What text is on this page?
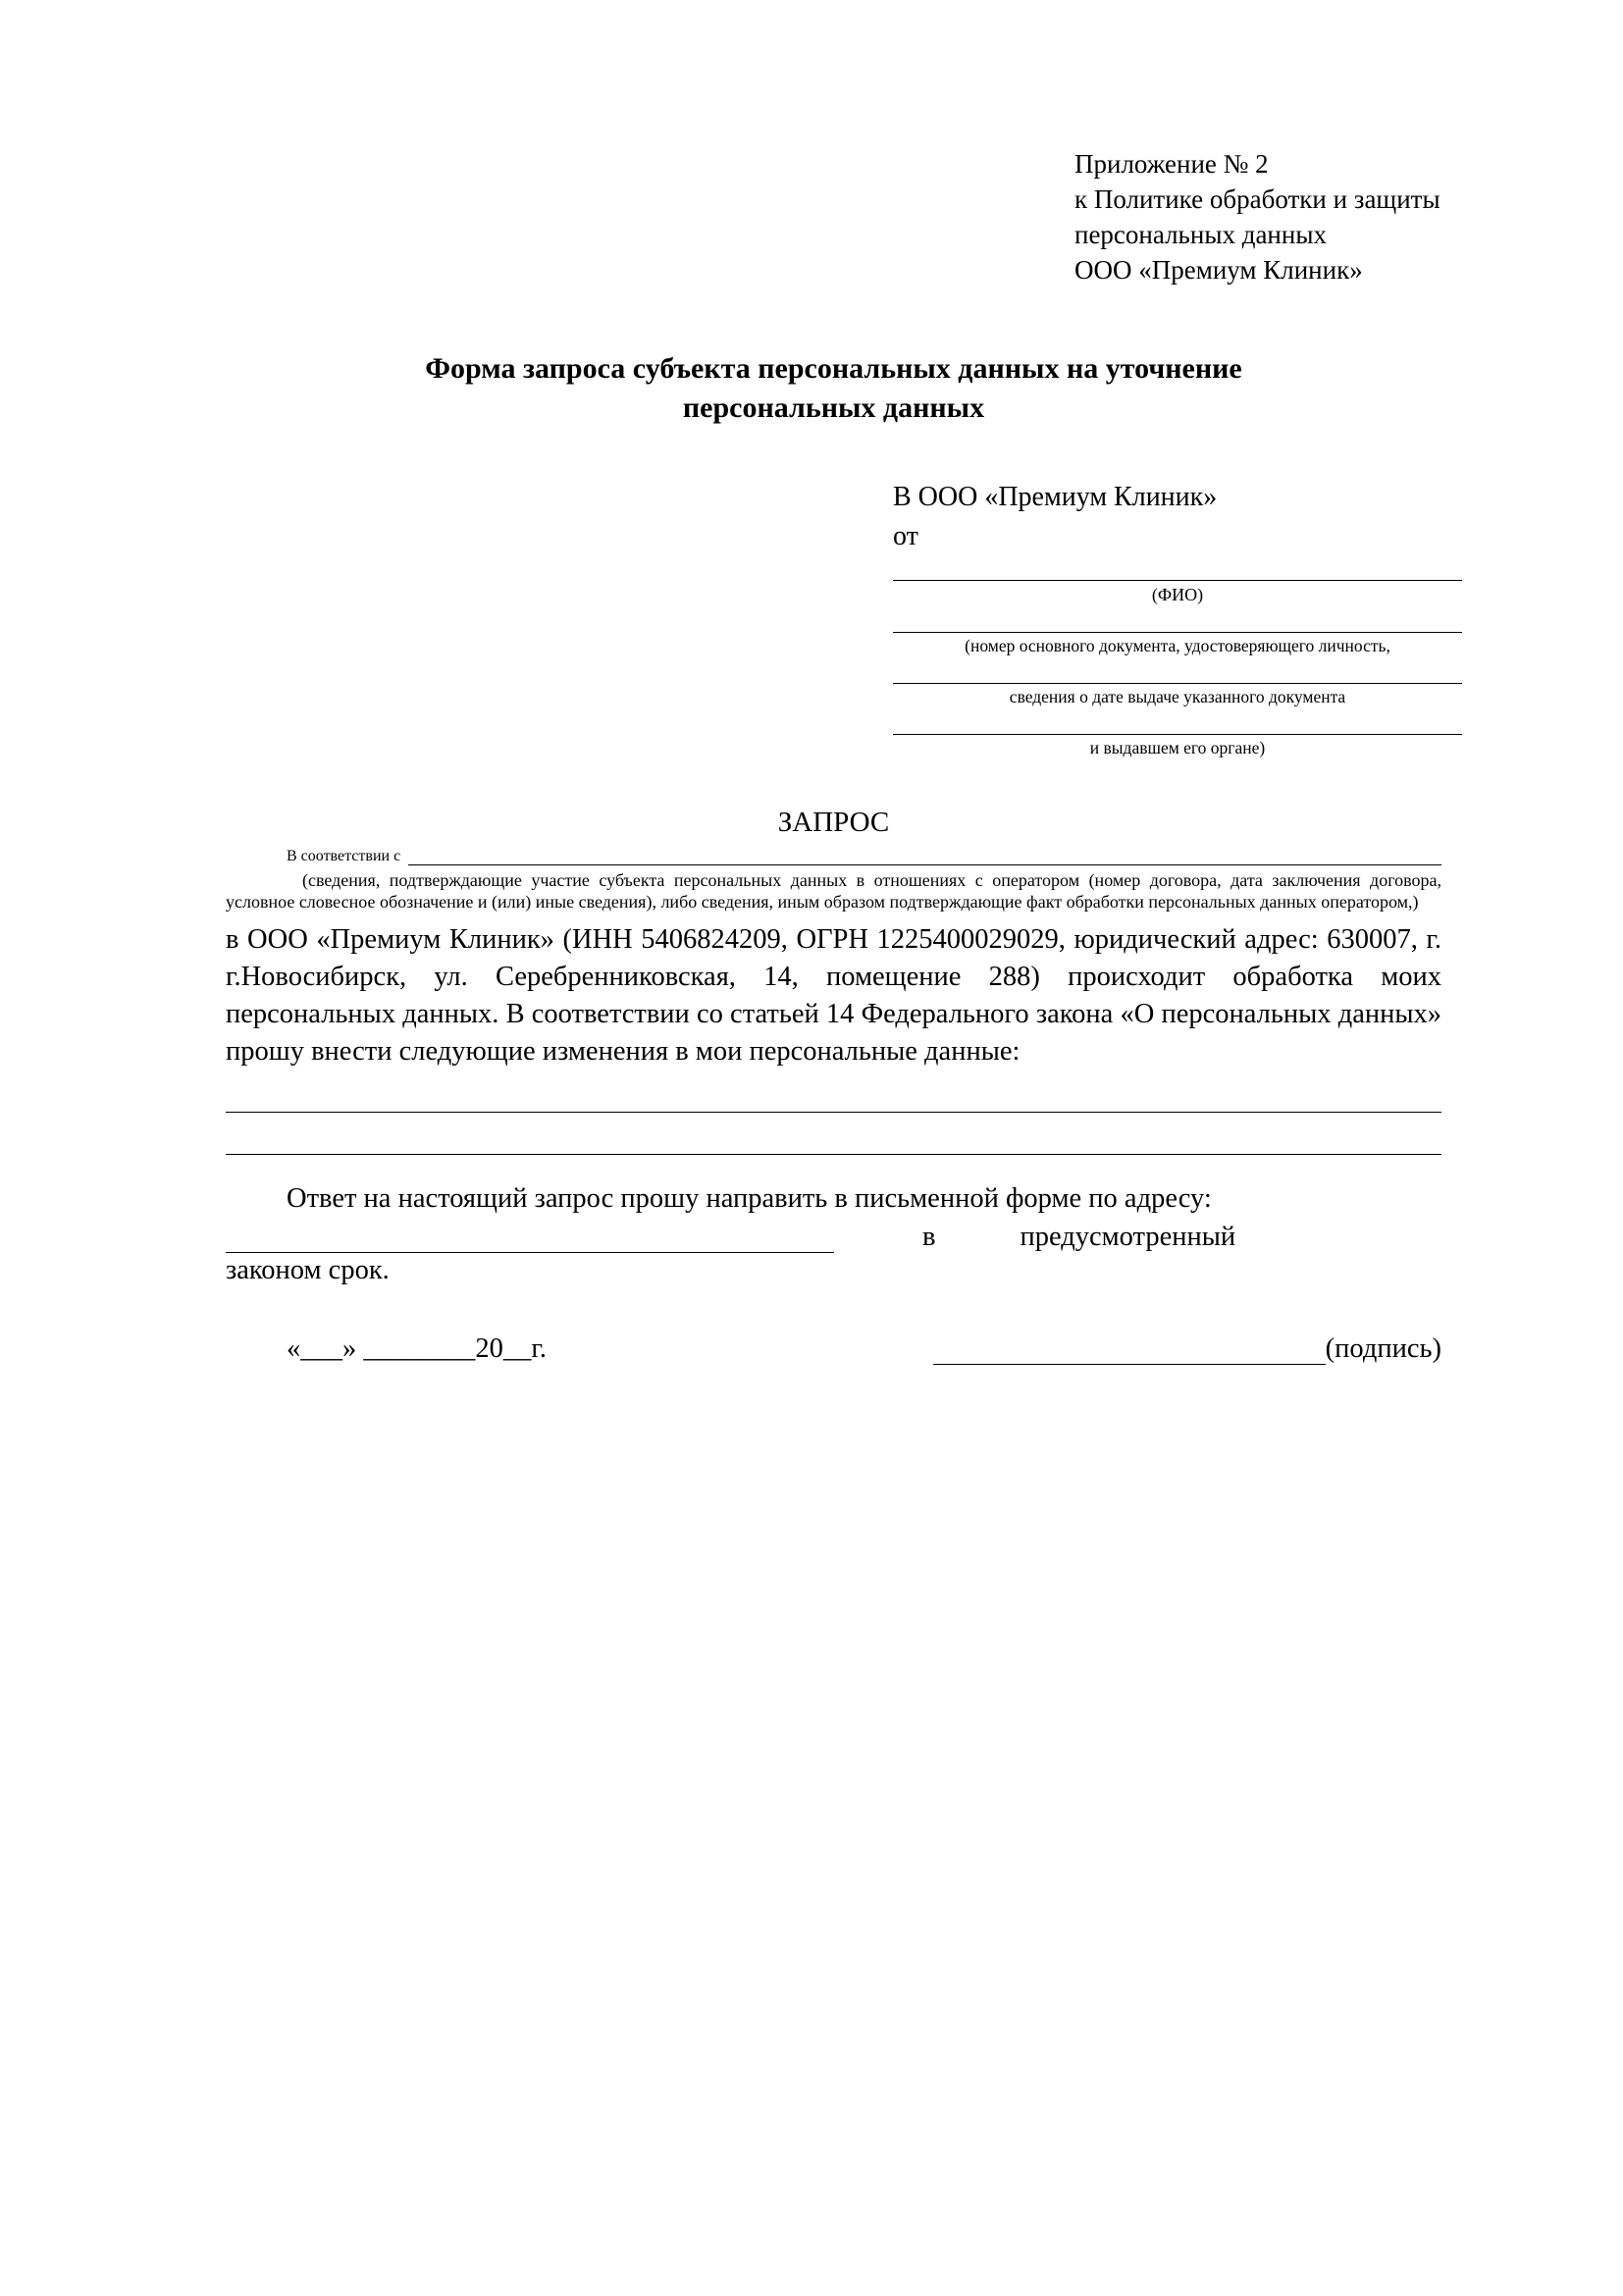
Приложение № 2
к Политике обработки и защиты
персональных данных
ООО «Премиум Клиник»
Форма запроса субъекта персональных данных на уточнение
персональных данных
В ООО «Премиум Клиник»
от
(ФИО)
(номер основного документа, удостоверяющего личность,
сведения о дате выдаче указанного документа
и выдавшем его органе)
ЗАПРОС
В соответствии с
(сведения, подтверждающие участие субъекта персональных данных в отношениях с оператором (номер договора, дата заключения договора, условное словесное обозначение и (или) иные сведения), либо сведения, иным образом подтверждающие факт обработки персональных данных оператором,)
в ООО «Премиум Клиник» (ИНН 5406824209, ОГРН 1225400029029, юридический адрес: 630007, г. г.Новосибирск, ул. Серебренниковская, 14, помещение 288) происходит обработка моих персональных данных. В соответствии со статьей 14 Федерального закона «О персональных данных» прошу внести следующие изменения в мои персональные данные:
Ответ на настоящий запрос прошу направить в письменной форме по адресу:
в	предусмотренный
законом срок.
«___» ________20__г.	(подпись)
